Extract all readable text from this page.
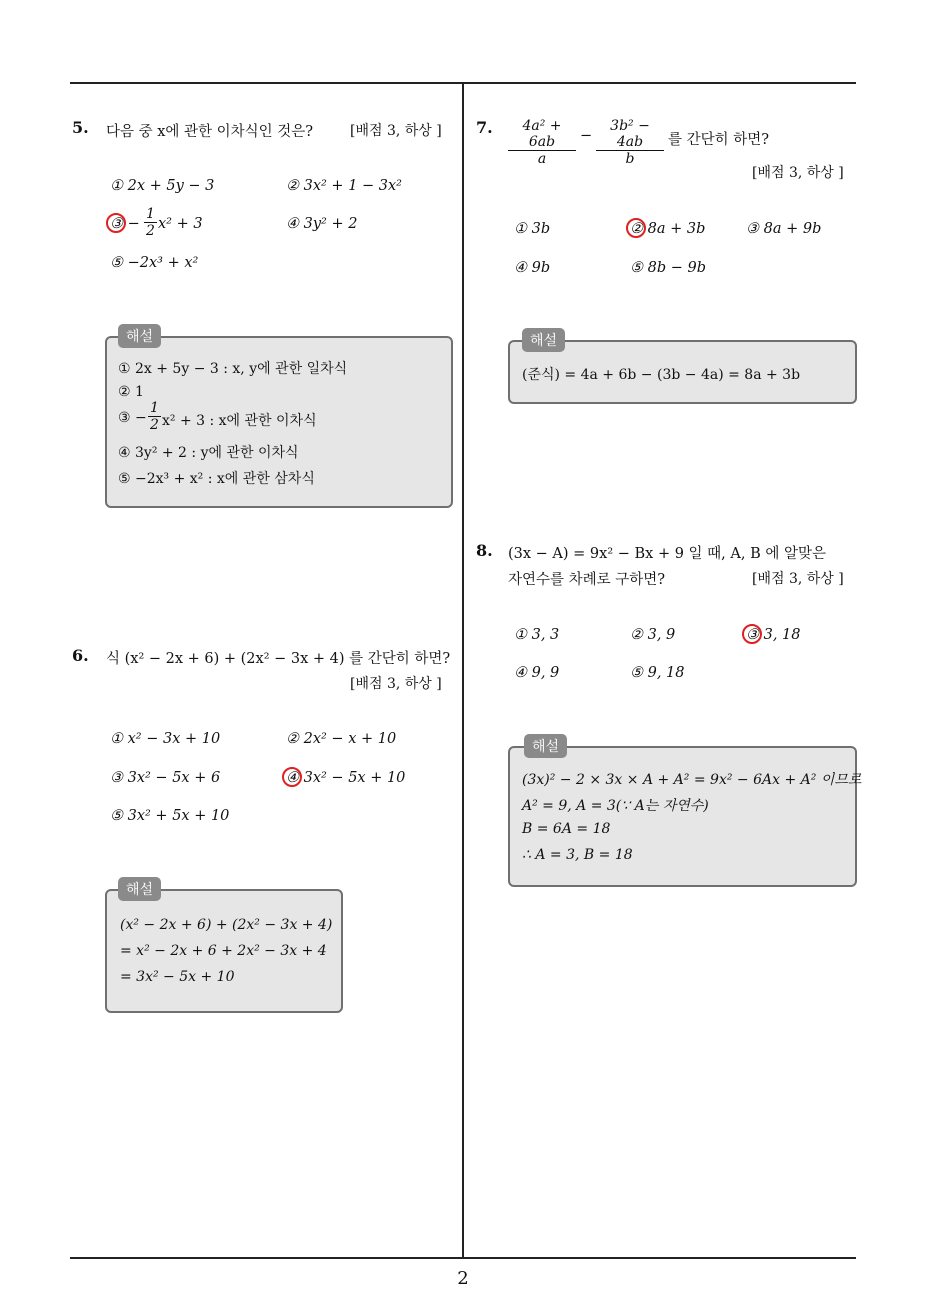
2
5. 다음 중 x에 관한 이차식인 것은?	[배점 3, 하상 ]
① 2x + 5y − 3	② 3x² + 1 − 3x²
③ − $\frac{1}{2} x^2 + 3$	④ 3y² + 2
⑤ −2x³ + x²
해설
① 2x + 5y − 3 : x, y에 관한 일차식
② 1
③ − $\frac{1}{2} x^2 + 3$ : x에 관한 이차식
④ 3y² + 2 : y에 관한 이차식
⑤ −2x³ + x² : x에 관한 삼차식
6. 식 (x² − 2x + 6) + (2x² − 3x + 4) 를 간단히 하면?
[배점 3, 하상 ]
① x² − 3x + 10	② 2x² − x + 10
③ 3x² − 5x + 6	④ 3x² − 5x + 10
⑤ 3x² + 5x + 10
해설
(x² − 2x + 6) + (2x² − 3x + 4)
= x² − 2x + 6 + 2x² − 3x + 4
= 3x² − 5x + 10
7. $\frac{\text{4a² + 6ab}}{a} - \frac{\text{3b² − 4ab}}{b}$ 를 간단히 하면?
[배점 3, 하상 ]
① 3b	② 8a + 3b	③ 8a + 9b
④ 9b	⑤ 8b − 9b
해설
(준식) = 4a + 6b − (3b − 4a) = 8a + 3b
8. (3x − A) = 9x² − Bx + 9 일 때, A, B 에 알맞은
자연수를 차례로 구하면?	[배점 3, 하상 ]
① 3, 3	② 3, 9	③ 3, 18
④ 9, 9	⑤ 9, 18
해설
(3x)² − 2 × 3x × A + A² = 9x² − 6Ax + A² 이므로
A² = 9, A = 3(∵ A는 자연수)
B = 6A = 18
∴ A = 3, B = 18
